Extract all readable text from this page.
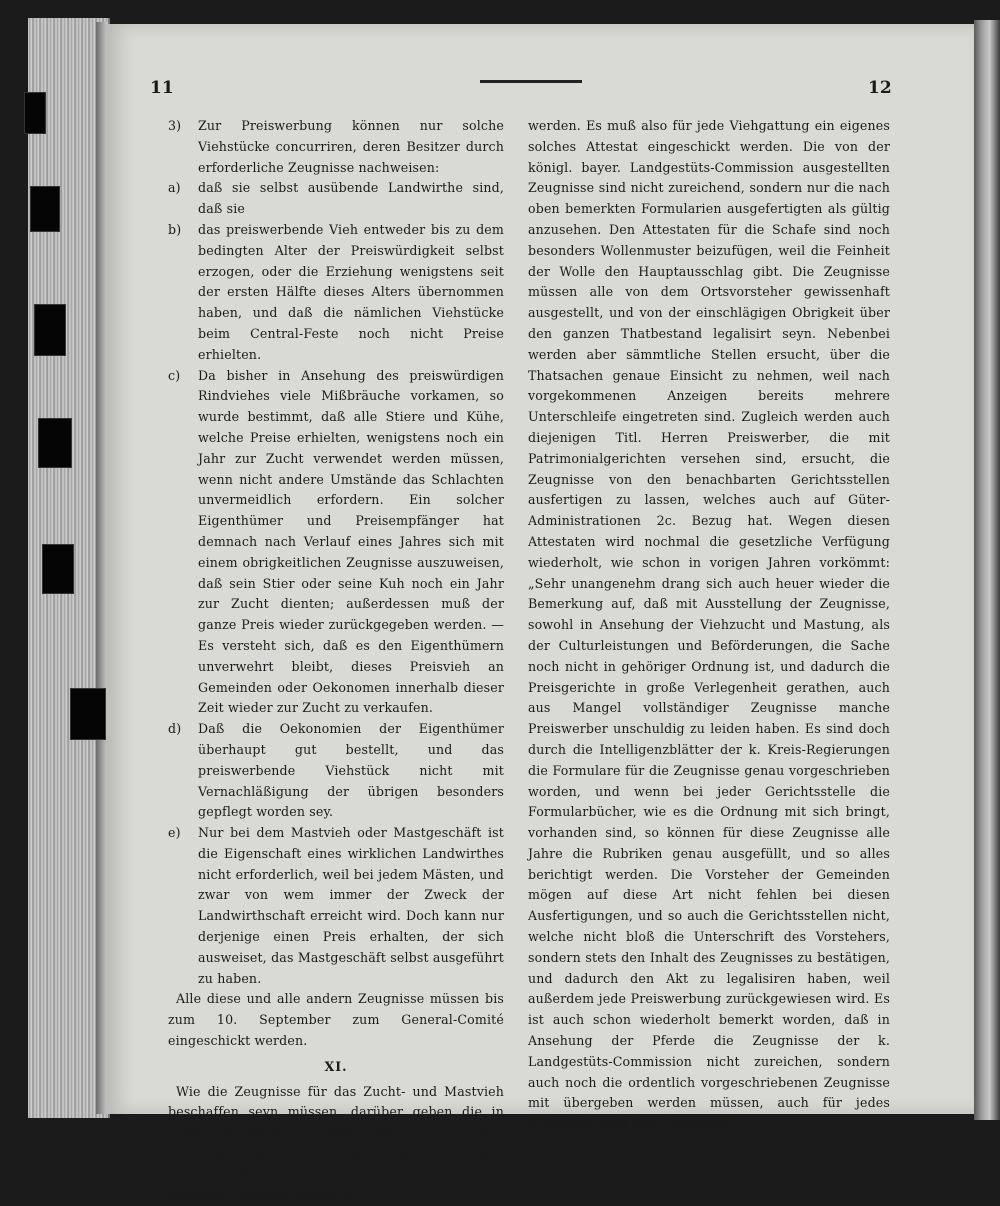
11	12
3)	Zur Preiswerbung können nur solche Viehstücke concurriren, deren Besitzer durch erforderliche Zeugnisse nachweisen:
a)	daß sie selbst ausübende Landwirthe sind, daß sie
b)	das preiswerbende Vieh entweder bis zu dem bedingten Alter der Preiswürdigkeit selbst erzogen, oder die Erziehung wenigstens seit der ersten Hälfte dieses Alters übernommen haben, und daß die nämlichen Viehstücke beim Central-Feste noch nicht Preise erhielten.
c)	Da bisher in Ansehung des preiswürdigen Rindviehes viele Mißbräuche vorkamen, so wurde bestimmt, daß alle Stiere und Kühe, welche Preise erhielten, wenigstens noch ein Jahr zur Zucht verwendet werden müssen, wenn nicht andere Umstände das Schlachten unvermeidlich erfordern. Ein solcher Eigenthümer und Preisempfänger hat demnach nach Verlauf eines Jahres sich mit einem obrigkeitlichen Zeugnisse auszuweisen, daß sein Stier oder seine Kuh noch ein Jahr zur Zucht dienten; außerdessen muß der ganze Preis wieder zurückgegeben werden. — Es versteht sich, daß es den Eigenthümern unverwehrt bleibt, dieses Preisvieh an Gemeinden oder Oekonomen innerhalb dieser Zeit wieder zur Zucht zu verkaufen.
d)	Daß die Oekonomien der Eigenthümer überhaupt gut bestellt, und das preiswerbende Viehstück nicht mit Vernachläßigung der übrigen besonders gepflegt worden sey.
e)	Nur bei dem Mastvieh oder Mastgeschäft ist die Eigenschaft eines wirklichen Landwirthes nicht erforderlich, weil bei jedem Mästen, und zwar von wem immer der Zweck der Landwirthschaft erreicht wird. Doch kann nur derjenige einen Preis erhalten, der sich ausweiset, das Mastgeschäft selbst ausgeführt zu haben.

Alle diese und alle andern Zeugnisse müssen bis zum 10. September zum General-Comité eingeschickt werden.

XI.

Wie die Zeugnisse für das Zucht- und Mastvieh beschaffen seyn müssen, darüber geben die in vorjährigen Intelligenzblättern bekannt gemachten Formularien genaue Auskunft, und es muß sich von den Preiswerbern, wie von den Stellen, pünktlich hiernach gerichtet

werden. Es muß also für jede Viehgattung ein eigenes solches Attestat eingeschickt werden. Die von der königl. bayer. Landgestüts-Commission ausgestellten Zeugnisse sind nicht zureichend, sondern nur die nach oben bemerkten Formularien ausgefertigten als gültig anzusehen. Den Attestaten für die Schafe sind noch besonders Wollenmuster beizufügen, weil die Feinheit der Wolle den Hauptausschlag gibt. Die Zeugnisse müssen alle von dem Ortsvorsteher gewissenhaft ausgestellt, und von der einschlägigen Obrigkeit über den ganzen Thatbestand legalisirt seyn. Nebenbei werden aber sämmtliche Stellen ersucht, über die Thatsachen genaue Einsicht zu nehmen, weil nach vorgekommenen Anzeigen bereits mehrere Unterschleife eingetreten sind. Zugleich werden auch diejenigen Titl. Herren Preiswerber, die mit Patrimonialgerichten versehen sind, ersucht, die Zeugnisse von den benachbarten Gerichtsstellen ausfertigen zu lassen, welches auch auf Güter-Administrationen 2c. Bezug hat. Wegen diesen Attestaten wird nochmal die gesetzliche Verfügung wiederholt, wie schon in vorigen Jahren vorkömmt: „Sehr unangenehm drang sich auch heuer wieder die Bemerkung auf, daß mit Ausstellung der Zeugnisse, sowohl in Ansehung der Viehzucht und Mastung, als der Culturleistungen und Beförderungen, die Sache noch nicht in gehöriger Ordnung ist, und dadurch die Preisgerichte in große Verlegenheit gerathen, auch aus Mangel vollständiger Zeugnisse manche Preiswerber unschuldig zu leiden haben. Es sind doch durch die Intelligenzblätter der k. Kreis-Regierungen die Formulare für die Zeugnisse genau vorgeschrieben worden, und wenn bei jeder Gerichtsstelle die Formularbücher, wie es die Ordnung mit sich bringt, vorhanden sind, so können für diese Zeugnisse alle Jahre die Rubriken genau ausgefüllt, und so alles berichtigt werden. Die Vorsteher der Gemeinden mögen auf diese Art nicht fehlen bei diesen Ausfertigungen, und so auch die Gerichtsstellen nicht, welche nicht bloß die Unterschrift des Vorstehers, sondern stets den Inhalt des Zeugnisses zu bestätigen, und dadurch den Akt zu legalisiren haben, weil außerdem jede Preiswerbung zurückgewiesen wird. Es ist auch schon wiederholt bemerkt worden, daß in Ansehung der Pferde die Zeugnisse der k. Landgestüts-Commission nicht zureichen, sondern auch noch die ordentlich vorgeschriebenen Zeugnisse mit übergeben werden müssen, auch für jedes Viehstück nach den Gattungen
